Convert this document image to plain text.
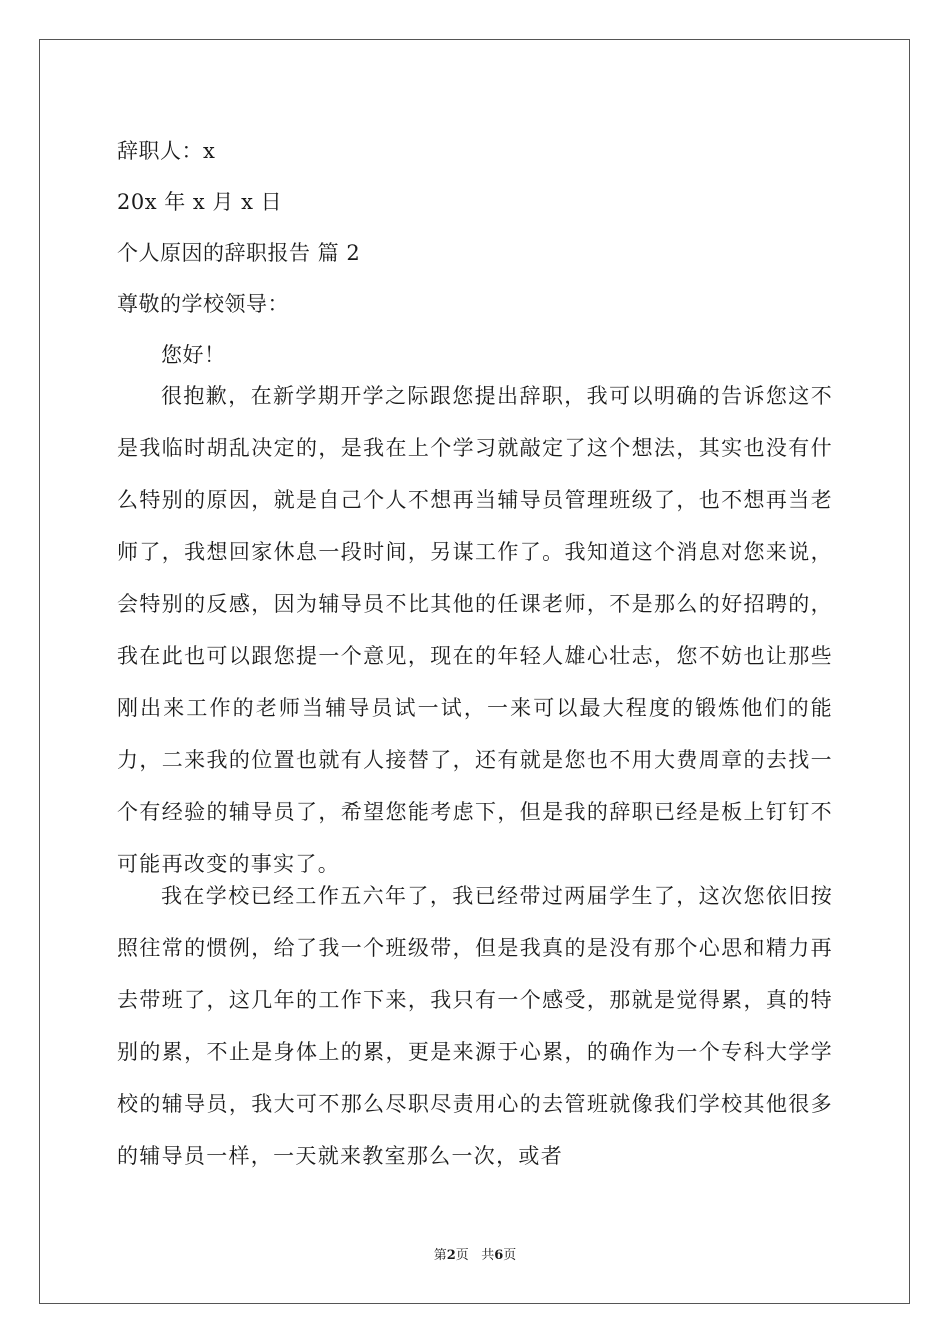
辞职人：x
20x 年 x 月 x 日
个人原因的辞职报告 篇 2
尊敬的学校领导：
您好！

很抱歉，在新学期开学之际跟您提出辞职，我可以明确的告诉您这不是我临时胡乱决定的，是我在上个学习就敲定了这个想法，其实也没有什么特别的原因，就是自己个人不想再当辅导员管理班级了，也不想再当老师了，我想回家休息一段时间，另谋工作了。我知道这个消息对您来说，会特别的反感，因为辅导员不比其他的任课老师，不是那么的好招聘的，我在此也可以跟您提一个意见，现在的年轻人雄心壮志，您不妨也让那些刚出来工作的老师当辅导员试一试，一来可以最大程度的锻炼他们的能力，二来我的位置也就有人接替了，还有就是您也不用大费周章的去找一个有经验的辅导员了，希望您能考虑下，但是我的辞职已经是板上钉钉不可能再改变的事实了。

我在学校已经工作五六年了，我已经带过两届学生了，这次您依旧按照往常的惯例，给了我一个班级带，但是我真的是没有那个心思和精力再去带班了，这几年的工作下来，我只有一个感受，那就是觉得累，真的特别的累，不止是身体上的累，更是来源于心累，的确作为一个专科大学学校的辅导员，我大可不那么尽职尽责用心的去管班就像我们学校其他很多的辅导员一样，一天就来教室那么一次，或者

第2页 共6页
